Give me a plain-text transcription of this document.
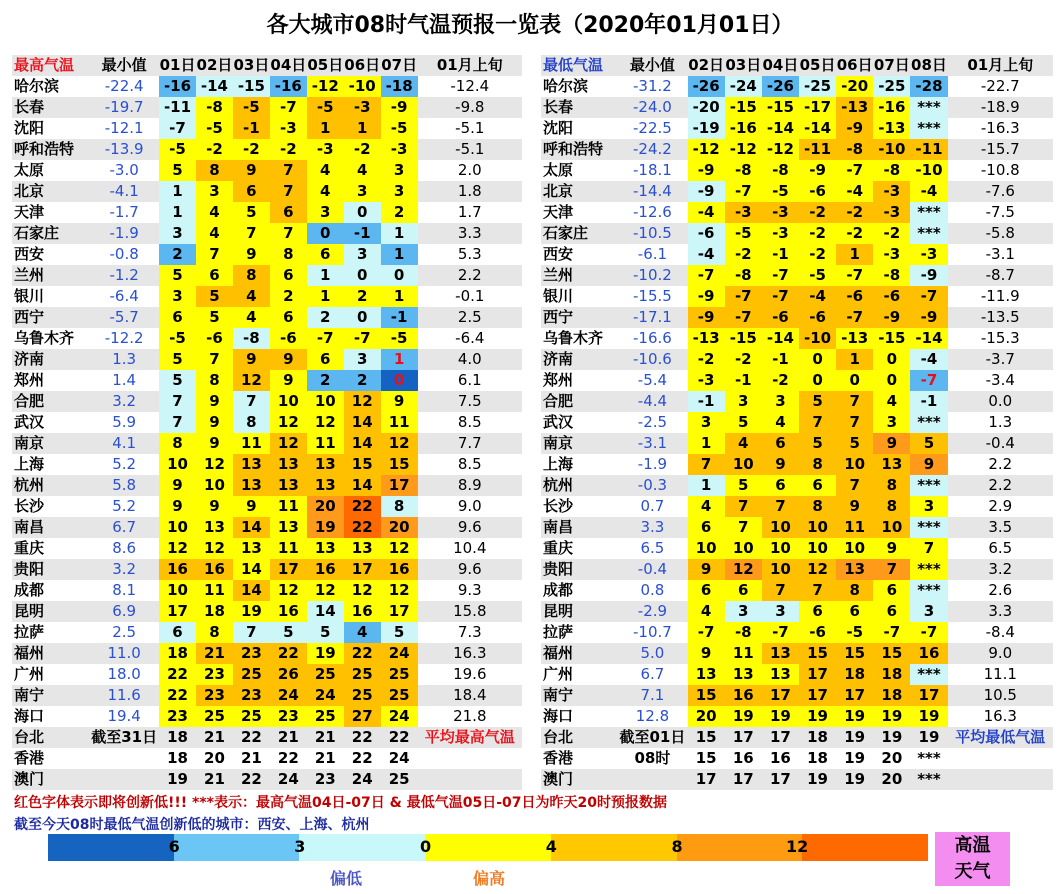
各大城市08时气温预报一览表（2020年01月01日）
最高气温	最小值	01日	02日	03日	04日	05日	06日	07日	01月上旬
哈尔滨	-22.4	-16	-14	-15	-16	-12	-10	-18	-12.4
长春	-19.7	-11	-8	-5	-7	-5	-3	-9	-9.8
沈阳	-12.1	-7	-5	-1	-3	1	1	-5	-5.1
呼和浩特	-13.9	-5	-2	-2	-2	-3	-2	-3	-5.1
太原	-3.0	5	8	9	7	4	4	3	2.0
北京	-4.1	1	3	6	7	4	3	3	1.8
天津	-1.7	1	4	5	6	3	0	2	1.7
石家庄	-1.9	3	4	7	7	0	-1	1	3.3
西安	-0.8	2	7	9	8	6	3	1	5.3
兰州	-1.2	5	6	8	6	1	0	0	2.2
银川	-6.4	3	5	4	2	1	2	1	-0.1
西宁	-5.7	6	5	4	6	2	0	-1	2.5
乌鲁木齐	-12.2	-5	-6	-8	-6	-7	-7	-5	-6.4
济南	1.3	5	7	9	9	6	3	1	4.0
郑州	1.4	5	8	12	9	2	2	0	6.1
合肥	3.2	7	9	7	10	10	12	9	7.5
武汉	5.9	7	9	8	12	12	14	11	8.5
南京	4.1	8	9	11	12	11	14	12	7.7
上海	5.2	10	12	13	13	13	15	15	8.5
杭州	5.8	9	10	13	13	13	14	17	8.9
长沙	5.2	9	9	9	11	20	22	8	9.0
南昌	6.7	10	13	14	13	19	22	20	9.6
重庆	8.6	12	12	13	11	13	13	12	10.4
贵阳	3.2	16	16	14	17	16	17	16	9.6
成都	8.1	10	11	14	12	12	12	12	9.3
昆明	6.9	17	18	19	16	14	16	17	15.8
拉萨	2.5	6	8	7	5	5	4	5	7.3
福州	11.0	18	21	23	22	19	22	24	16.3
广州	18.0	22	23	25	26	25	25	25	19.6
南宁	11.6	22	23	23	24	24	25	25	18.4
海口	19.4	23	25	25	23	25	27	24	21.8
台北	截至31日	18	21	22	21	21	22	22	平均最高气温
香港		18	20	21	22	21	22	24	
澳门		19	21	22	24	23	24	25	
最低气温	最小值	02日	03日	04日	05日	06日	07日	08日	01月上旬
哈尔滨	-31.2	-26	-24	-26	-25	-20	-25	-28	-22.7
长春	-24.0	-20	-15	-15	-17	-13	-16	***	-18.9
沈阳	-22.5	-19	-16	-14	-14	-9	-13	***	-16.3
呼和浩特	-24.2	-12	-12	-12	-11	-8	-10	-11	-15.7
太原	-18.1	-9	-8	-8	-9	-7	-8	-10	-10.8
北京	-14.4	-9	-7	-5	-6	-4	-3	-4	-7.6
天津	-12.6	-4	-3	-3	-2	-2	-3	***	-7.5
石家庄	-10.5	-6	-5	-3	-2	-2	-2	***	-5.8
西安	-6.1	-4	-2	-1	-2	1	-3	-3	-3.1
兰州	-10.2	-7	-8	-7	-5	-7	-8	-9	-8.7
银川	-15.5	-9	-7	-7	-4	-6	-6	-7	-11.9
西宁	-17.1	-9	-7	-6	-6	-7	-9	-9	-13.5
乌鲁木齐	-16.6	-13	-15	-14	-10	-13	-15	-14	-15.3
济南	-10.6	-2	-2	-1	0	1	0	-4	-3.7
郑州	-5.4	-3	-1	-2	0	0	0	-7	-3.4
合肥	-4.4	-1	3	3	5	7	4	-1	0.0
武汉	-2.5	3	5	4	7	7	3	***	1.3
南京	-3.1	1	4	6	5	5	9	5	-0.4
上海	-1.9	7	10	9	8	10	13	9	2.2
杭州	-0.3	1	5	6	6	7	8	***	2.2
长沙	0.7	4	7	7	8	9	8	3	2.9
南昌	3.3	6	7	10	10	11	10	***	3.5
重庆	6.5	10	10	10	10	10	9	7	6.5
贵阳	-0.4	9	12	10	12	13	7	***	3.2
成都	0.8	6	6	7	7	8	6	***	2.6
昆明	-2.9	4	3	3	6	6	6	3	3.3
拉萨	-10.7	-7	-8	-7	-6	-5	-7	-7	-8.4
福州	5.0	9	11	13	15	15	15	16	9.0
广州	6.7	13	13	13	17	18	18	***	11.1
南宁	7.1	15	16	17	17	17	18	17	10.5
海口	12.8	20	19	19	19	19	19	19	16.3
台北	截至01日	15	17	17	18	19	19	19	平均最低气温
香港	08时	15	16	16	18	19	20	***	
澳门		17	17	17	19	19	20	***	
红色字体表示即将创新低!!! ***表示：最高气温04日-07日 & 最低气温05日-07日为昨天20时预报数据
截至今天08时最低气温创新低的城市：西安、上海、杭州
6	3	0	4	8	12
偏低	偏高
高温天气
